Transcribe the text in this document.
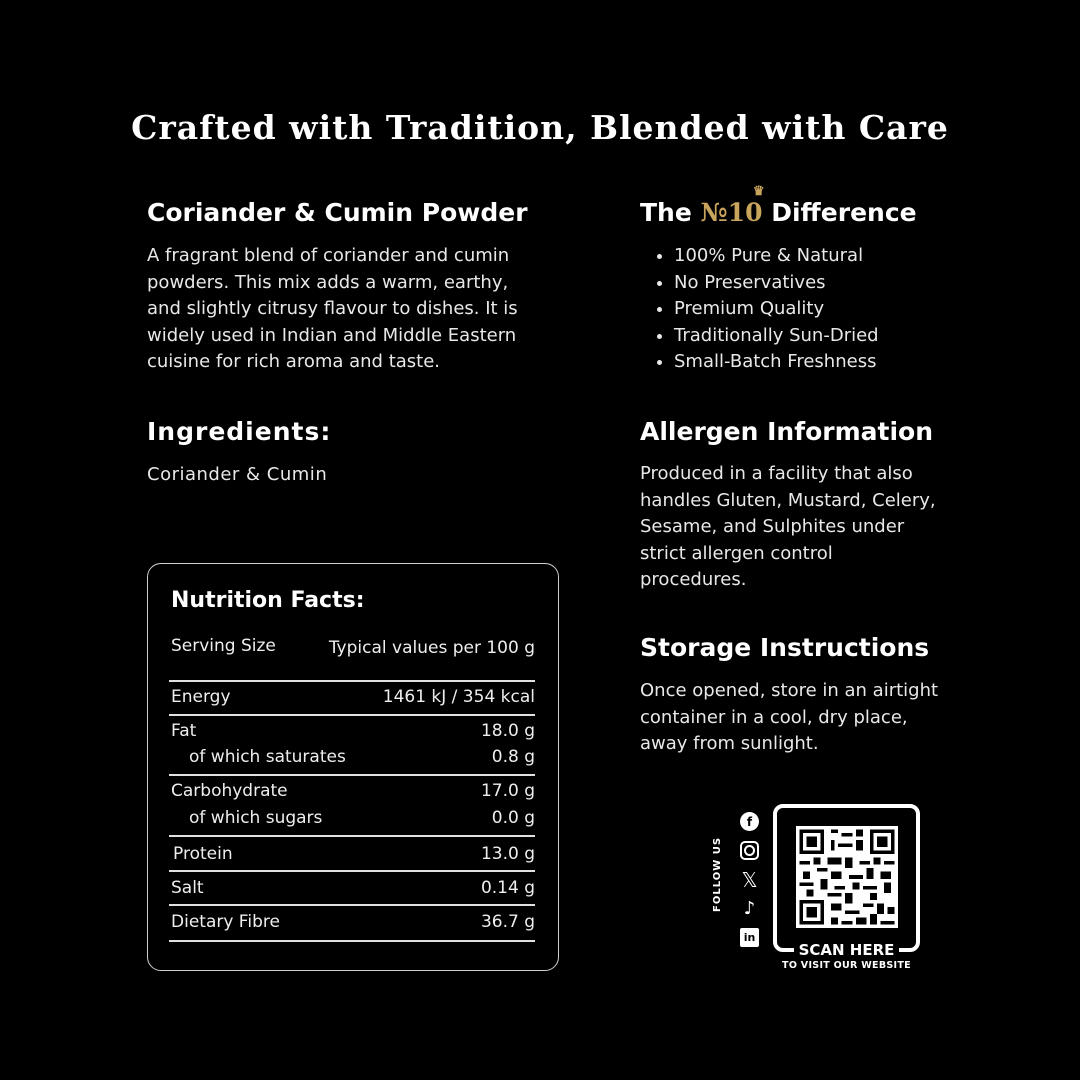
Crafted with Tradition, Blended with Care
Coriander & Cumin Powder

A fragrant blend of coriander and cumin powders. This mix adds a warm, earthy, and slightly citrusy flavour to dishes. It is widely used in Indian and Middle Eastern cuisine for rich aroma and taste.

Ingredients:

Coriander & Cumin

The №10
♛
Difference
• 100% Pure & Natural
• No Preservatives
• Premium Quality
• Traditionally Sun-Dried
• Small-Batch Freshness
Allergen Information

Produced in a facility that also handles Gluten, Mustard, Celery, Sesame, and Sulphites under strict allergen control procedures.

Storage Instructions

Once opened, store in an airtight container in a cool, dry place, away from sunlight.

Nutrition Facts:
Serving Size	Typical values per 100 g
Energy	1461 kJ / 354 kcal
Fat	18.0 g
of which saturates	0.8 g
Carbohydrate	17.0 g
of which sugars	0.0 g
Protein	13.0 g
Salt	0.14 g
Dietary Fibre	36.7 g
FOLLOW US
f
𝕏
♪
in
SCAN HERE
TO VISIT OUR WEBSITE
